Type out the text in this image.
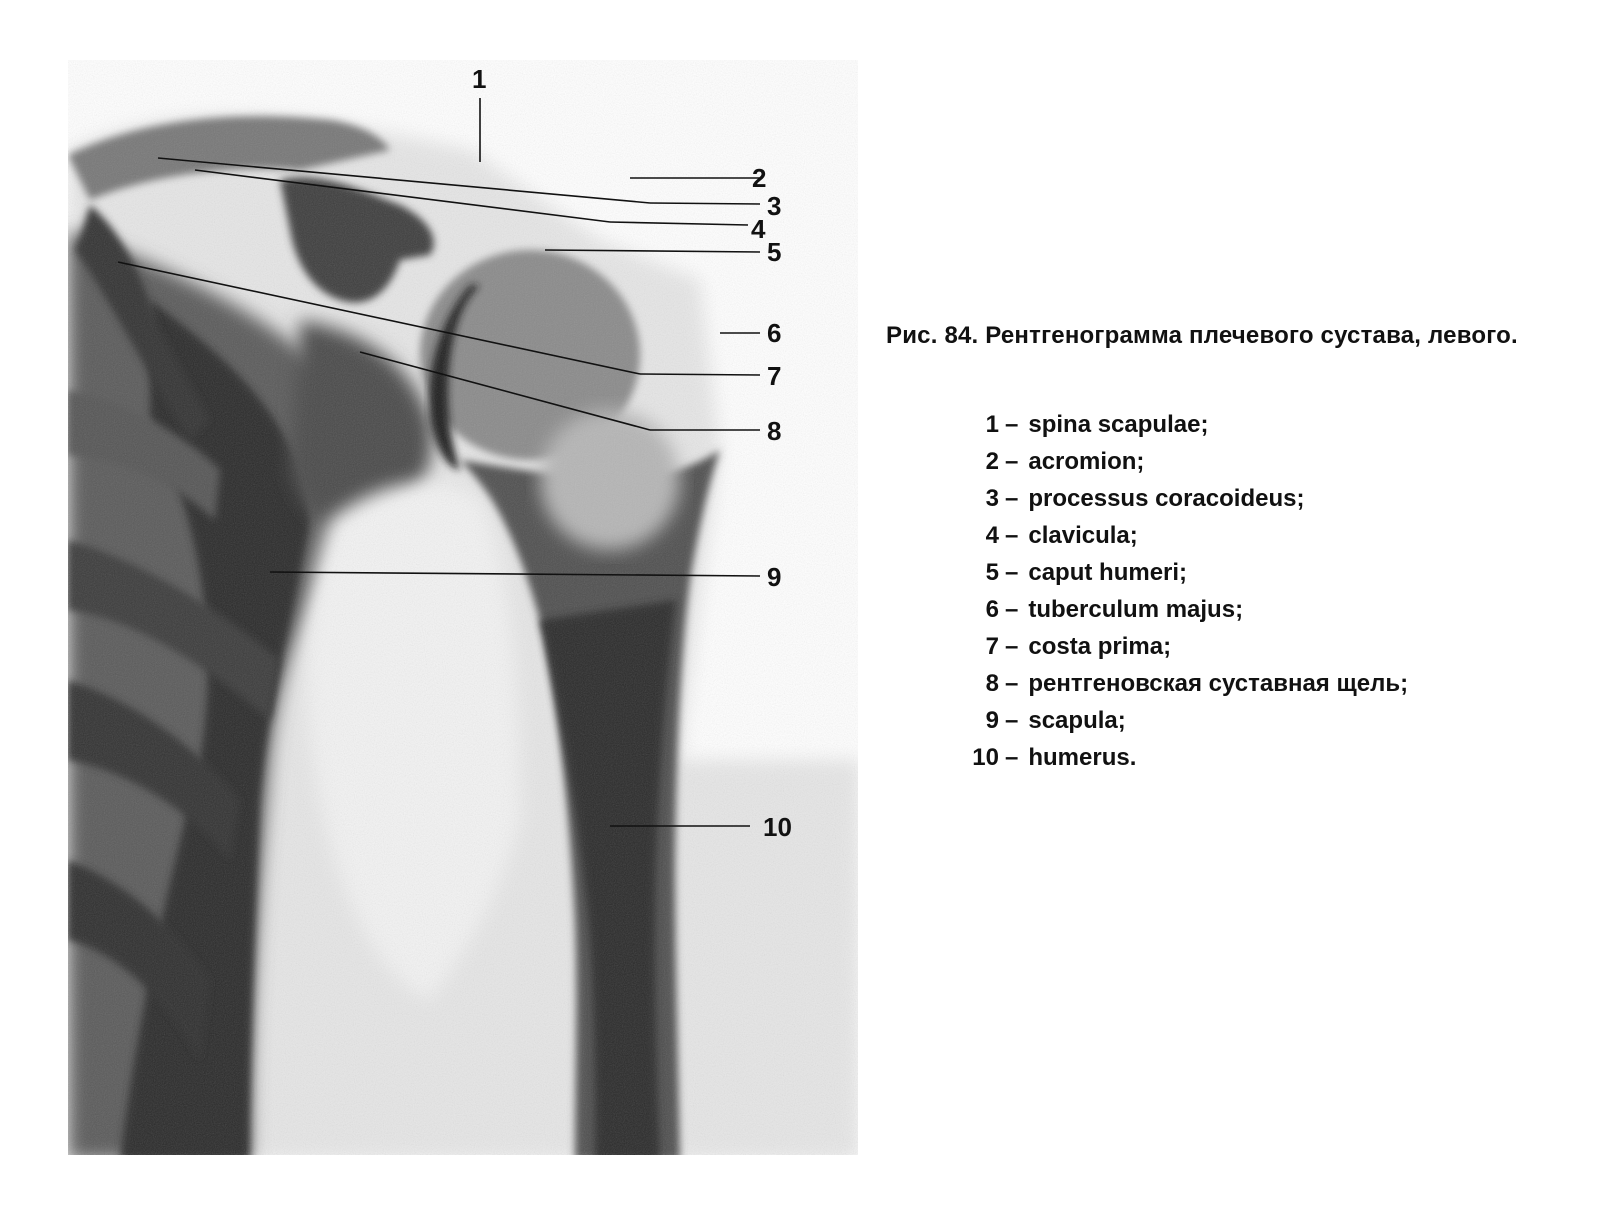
1
2
3
4
5
6
7
8
9
10
Рис. 84. Рентгенограмма плечевого сустава, левого.
1 – spina scapulae;
2 – acromion;
3 – processus coracoideus;
4 – clavicula;
5 – caput humeri;
6 – tuberculum majus;
7 – costa prima;
8 – рентгеновская суставная щель;
9 – scapula;
10 – humerus.
